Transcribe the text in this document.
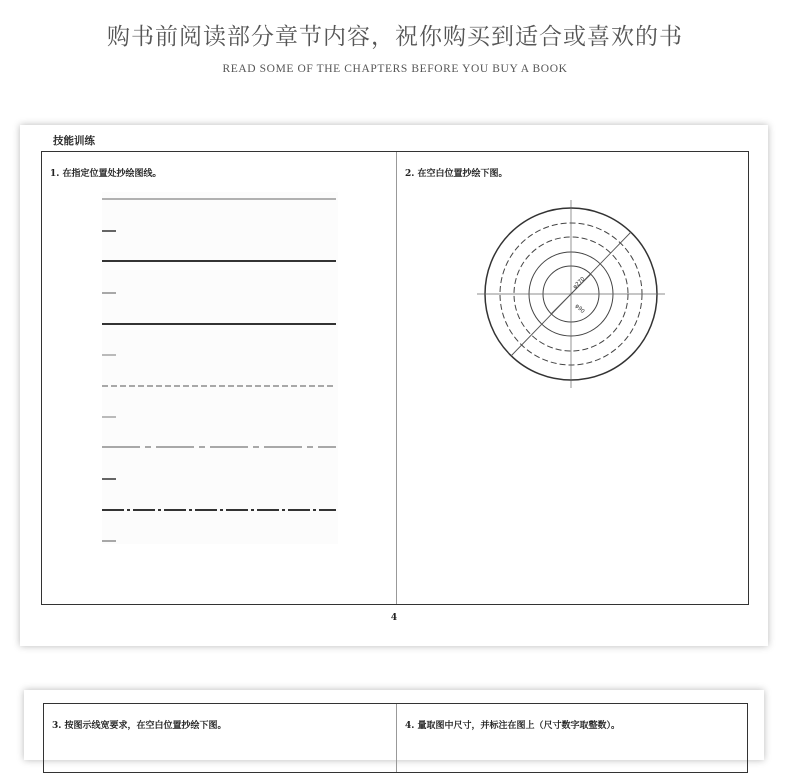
购书前阅读部分章节内容，祝你购买到适合或喜欢的书
READ SOME OF THE CHAPTERS BEFORE YOU BUY A BOOK
技能训练
1. 在指定位置处抄绘图线。	2. 在空白位置抄绘下图。
φ270
φ90
4
3. 按图示线宽要求，在空白位置抄绘下图。	4. 量取图中尺寸，并标注在图上（尺寸数字取整数）。
